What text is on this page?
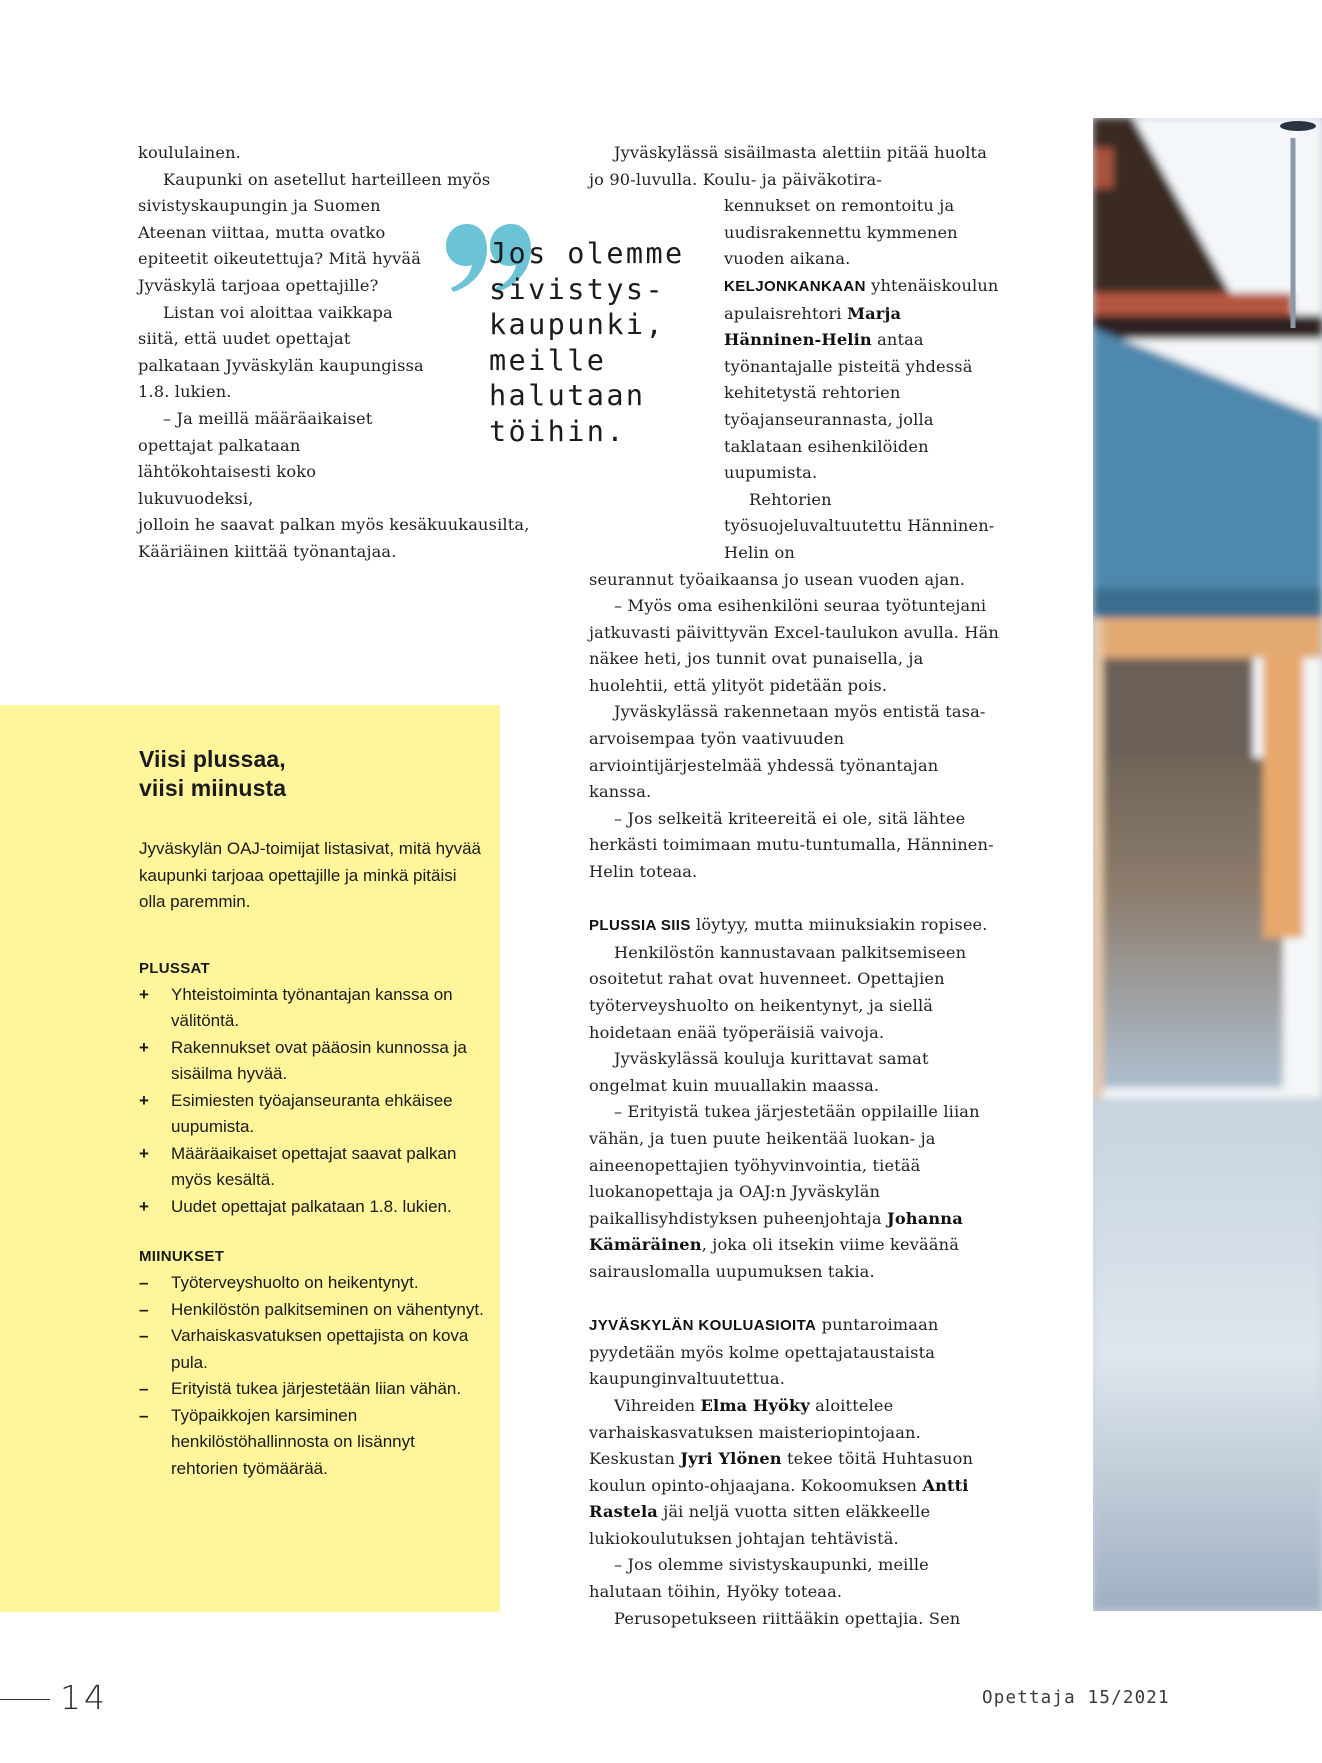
koululainen.

Kaupunki on asetellut harteilleen myös

sivistyskaupungin ja Suomen Ateenan viittaa, mutta ovatko epiteetit oikeutettuja? Mitä hyvää Jyväskylä tarjoaa opettajille?

Listan voi aloittaa vaikkapa siitä, että uudet opettajat palkataan Jyväskylän kaupungissa 1.8. lukien.

– Ja meillä määräaikaiset opettajat palkataan lähtökohtaisesti koko lukuvuodeksi,

jolloin he saavat palkan myös kesäkuukausilta, Kääriäinen kiittää työnantajaa.

Jos olemme
sivistys-
kaupunki,
meille
halutaan
töihin.

Jyväskylässä sisäilmasta alettiin pitää huolta jo 90-luvulla. Koulu- ja päiväkotira-

kennukset on remontoitu ja uudisrakennettu kymmenen vuoden aikana.

KELJONKANKAAN yhtenäiskoulun apulaisrehtori Marja Hänninen-Helin antaa työnantajalle pisteitä yhdessä kehitetystä rehtorien työajanseurannasta, jolla taklataan esihenkilöiden uupumista.

Rehtorien työsuojeluvaltuutettu Hänninen-Helin on

seurannut työaikaansa jo usean vuoden ajan.

– Myös oma esihenkilöni seuraa työtuntejani jatkuvasti päivittyvän Excel-taulukon avulla. Hän näkee heti, jos tunnit ovat punaisella, ja huolehtii, että ylityöt pidetään pois.

Jyväskylässä rakennetaan myös entistä tasa-arvoisempaa työn vaativuuden arviointijärjestelmää yhdessä työnantajan kanssa.

– Jos selkeitä kriteereitä ei ole, sitä lähtee herkästi toimimaan mutu-tuntumalla, Hänninen-Helin toteaa.

PLUSSIA SIIS löytyy, mutta miinuksiakin ropisee.

Henkilöstön kannustavaan palkitsemiseen osoitetut rahat ovat huvenneet. Opettajien työterveyshuolto on heikentynyt, ja siellä hoidetaan enää työperäisiä vaivoja.

Jyväskylässä kouluja kurittavat samat ongelmat kuin muuallakin maassa.

– Erityistä tukea järjestetään oppilaille liian vähän, ja tuen puute heikentää luokan- ja aineenopettajien työhyvinvointia, tietää luokanopettaja ja OAJ:n Jyväskylän paikallisyhdistyksen puheenjohtaja Johanna Kämäräinen, joka oli itsekin viime keväänä sairauslomalla uupumuksen takia.

JYVÄSKYLÄN KOULUASIOITA puntaroimaan pyydetään myös kolme opettajataustaista kaupunginvaltuutettua.

Vihreiden Elma Hyöky aloittelee varhaiskasvatuksen maisteriopintojaan. Keskustan Jyri Ylönen tekee töitä Huhtasuon koulun opinto-ohjaajana. Kokoomuksen Antti Rastela jäi neljä vuotta sitten eläkkeelle lukiokoulutuksen johtajan tehtävistä.

– Jos olemme sivistyskaupunki, meille halutaan töihin, Hyöky toteaa.

Perusopetukseen riittääkin opettajia. Sen

Viisi plussaa,
viisi miinusta

Jyväskylän OAJ-toimijat listasivat, mitä hyvää kaupunki tarjoaa opettajille ja minkä pitäisi olla paremmin.

PLUSSAT

+ Yhteistoiminta työnantajan kanssa on välitöntä.
+ Rakennukset ovat pääosin kunnossa ja sisäilma hyvää.
+ Esimiesten työajanseuranta ehkäisee uupumista.
+ Määräaikaiset opettajat saavat palkan myös kesältä.
+ Uudet opettajat palkataan 1.8. lukien.

MIINUKSET

– Työterveyshuolto on heikentynyt.
– Henkilöstön palkitseminen on vähentynyt.
– Varhaiskasvatuksen opettajista on kova pula.
– Erityistä tukea järjestetään liian vähän.
– Työpaikkojen karsiminen henkilöstöhallinnosta on lisännyt rehtorien työmäärää.
14	Opettaja 15/2021
